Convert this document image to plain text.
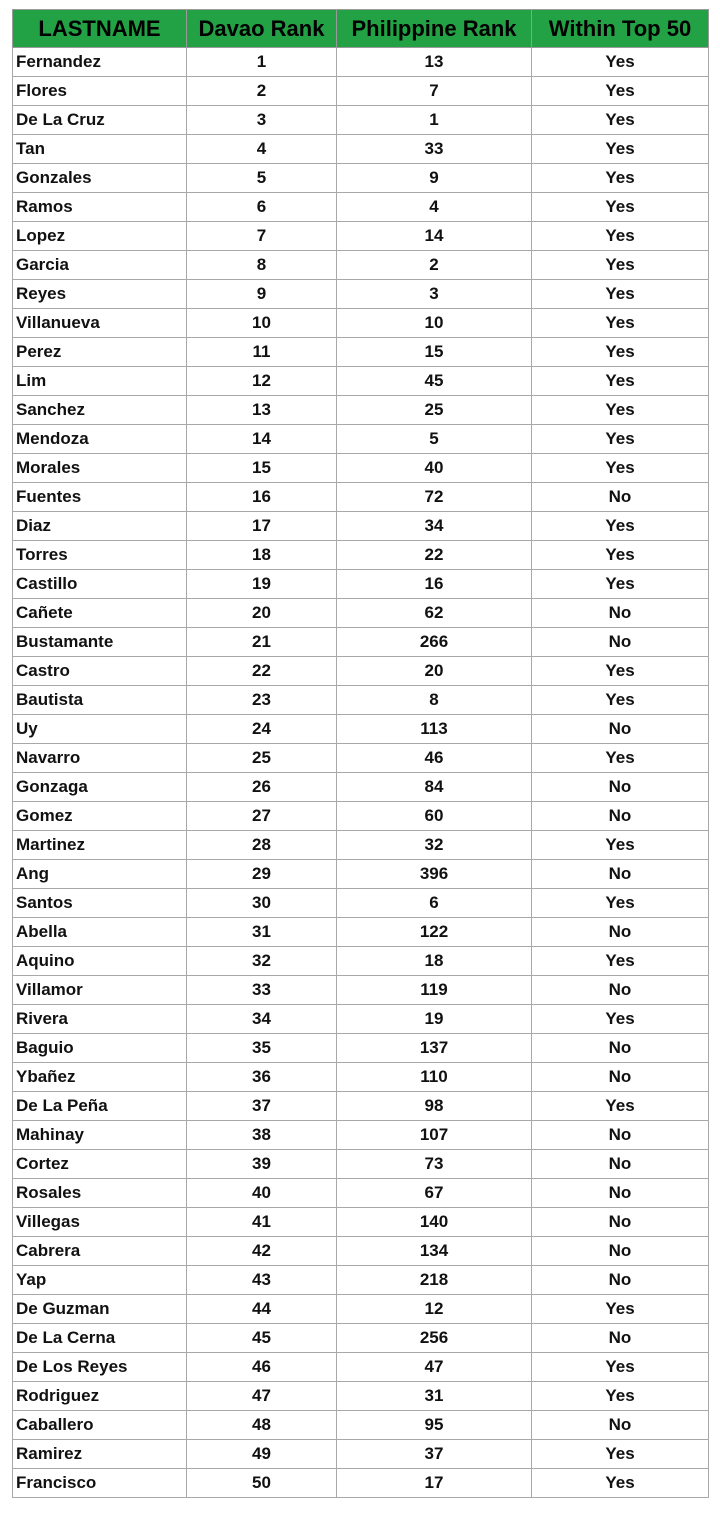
LASTNAME	Davao Rank	Philippine Rank	Within Top 50
Fernandez	1	13	Yes
Flores	2	7	Yes
De La Cruz	3	1	Yes
Tan	4	33	Yes
Gonzales	5	9	Yes
Ramos	6	4	Yes
Lopez	7	14	Yes
Garcia	8	2	Yes
Reyes	9	3	Yes
Villanueva	10	10	Yes
Perez	11	15	Yes
Lim	12	45	Yes
Sanchez	13	25	Yes
Mendoza	14	5	Yes
Morales	15	40	Yes
Fuentes	16	72	No
Diaz	17	34	Yes
Torres	18	22	Yes
Castillo	19	16	Yes
Cañete	20	62	No
Bustamante	21	266	No
Castro	22	20	Yes
Bautista	23	8	Yes
Uy	24	113	No
Navarro	25	46	Yes
Gonzaga	26	84	No
Gomez	27	60	No
Martinez	28	32	Yes
Ang	29	396	No
Santos	30	6	Yes
Abella	31	122	No
Aquino	32	18	Yes
Villamor	33	119	No
Rivera	34	19	Yes
Baguio	35	137	No
Ybañez	36	110	No
De La Peña	37	98	Yes
Mahinay	38	107	No
Cortez	39	73	No
Rosales	40	67	No
Villegas	41	140	No
Cabrera	42	134	No
Yap	43	218	No
De Guzman	44	12	Yes
De La Cerna	45	256	No
De Los Reyes	46	47	Yes
Rodriguez	47	31	Yes
Caballero	48	95	No
Ramirez	49	37	Yes
Francisco	50	17	Yes
